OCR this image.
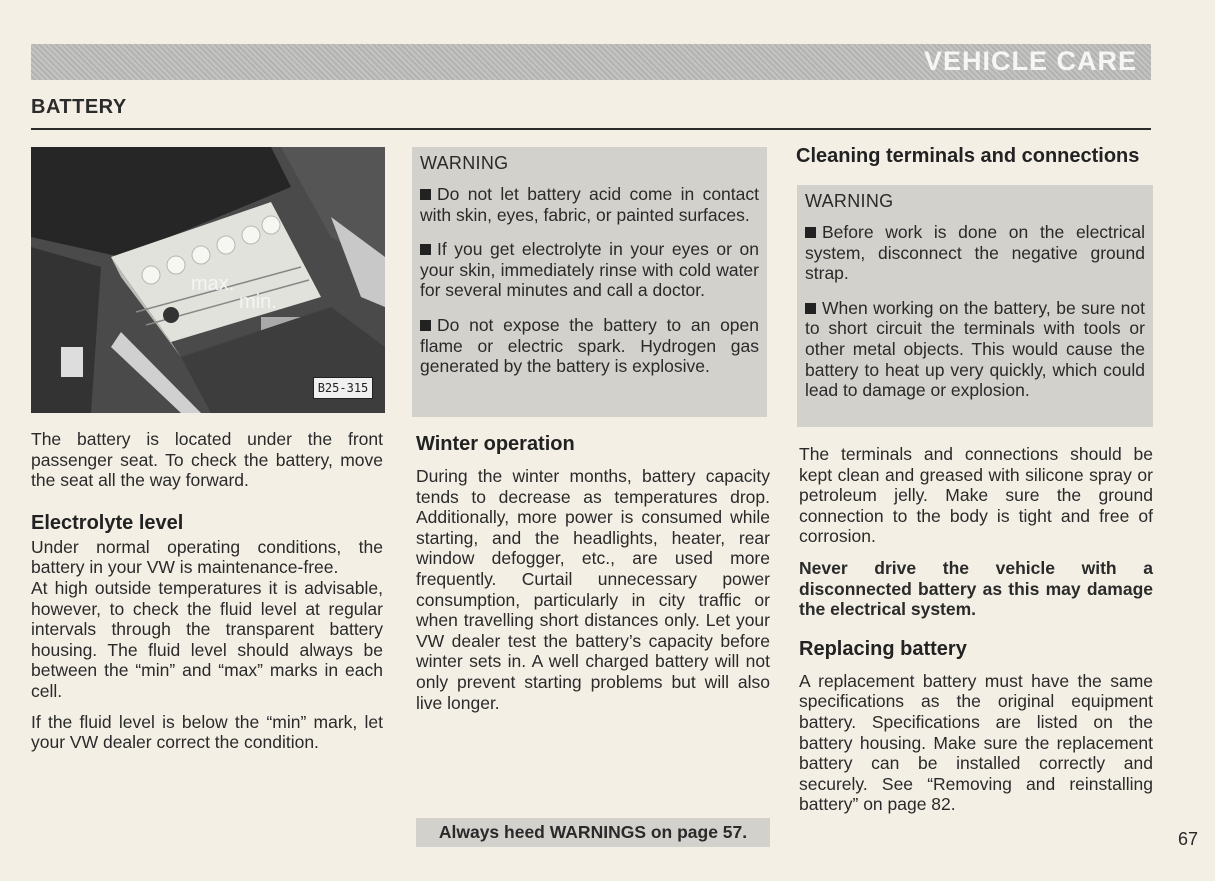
VEHICLE CARE
BATTERY
max.
min.
B25-315

The battery is located under the front passenger seat. To check the battery, move the seat all the way forward.

Electrolyte level

Under normal operating conditions, the battery in your VW is maintenance-free.

At high outside temperatures it is advisable, however, to check the fluid level at regular intervals through the transparent battery housing. The fluid level should always be between the “min” and “max” marks in each cell.

If the fluid level is below the “min” mark, let your VW dealer correct the condition.

WARNING

Do not let battery acid come in contact with skin, eyes, fabric, or painted surfaces.

If you get electrolyte in your eyes or on your skin, immediately rinse with cold water for several minutes and call a doctor.

Do not expose the battery to an open flame or electric spark. Hydrogen gas generated by the battery is explosive.

Winter operation

During the winter months, battery capacity tends to decrease as temperatures drop. Additionally, more power is consumed while starting, and the headlights, heater, rear window defogger, etc., are used more frequently. Curtail unnecessary power consumption, particularly in city traffic or when travelling short distances only. Let your VW dealer test the battery’s capacity before winter sets in. A well charged battery will not only prevent starting problems but will also live longer.

Always heed WARNINGS on page 57.
Cleaning terminals and connections
WARNING

Before work is done on the electrical system, disconnect the negative ground strap.

When working on the battery, be sure not to short circuit the terminals with tools or other metal objects. This would cause the battery to heat up very quickly, which could lead to damage or explosion.

The terminals and connections should be kept clean and greased with silicone spray or petroleum jelly. Make sure the ground connection to the body is tight and free of corrosion.

Never drive the vehicle with a disconnected battery as this may damage the electrical system.

Replacing battery

A replacement battery must have the same specifications as the original equipment battery. Specifications are listed on the battery housing. Make sure the replacement battery can be installed correctly and securely. See “Removing and reinstalling battery” on page 82.

67
